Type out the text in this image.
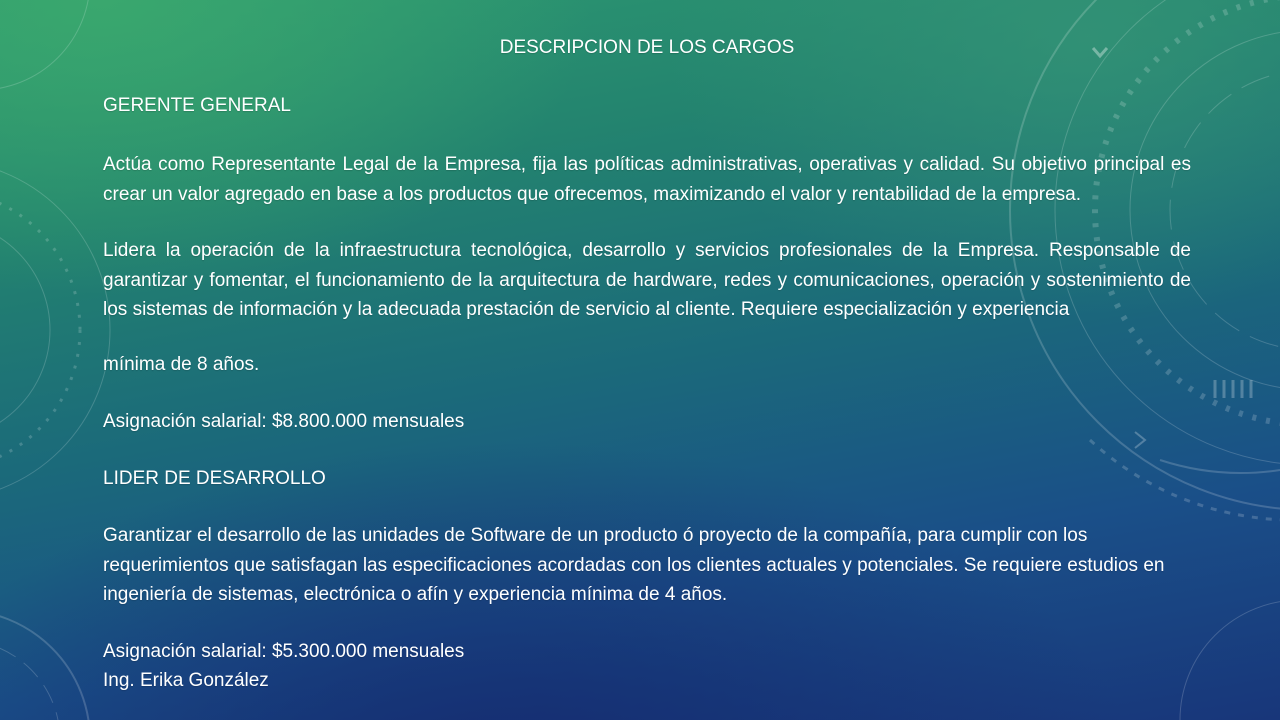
DESCRIPCION DE LOS CARGOS

GERENTE GENERAL

Actúa como Representante Legal de la Empresa, fija las políticas administrativas, operativas y calidad. Su objetivo principal es crear un valor agregado en base a los productos que ofrecemos, maximizando el valor y rentabilidad de la empresa.

Lidera la operación de la infraestructura tecnológica, desarrollo y servicios profesionales de la Empresa. Responsable de garantizar y fomentar, el funcionamiento de la arquitectura de hardware, redes y comunicaciones, operación y sostenimiento de los sistemas de información y la adecuada prestación de servicio al cliente. Requiere especialización y experiencia

mínima de 8 años.

Asignación salarial: $8.800.000 mensuales

LIDER DE DESARROLLO

Garantizar el desarrollo de las unidades de Software de un producto ó proyecto de la compañía, para cumplir con los requerimientos que satisfagan las especificaciones acordadas con los clientes actuales y potenciales. Se requiere estudios en ingeniería de sistemas, electrónica o afín y experiencia mínima de 4 años.

Asignación salarial: $5.300.000 mensuales

Ing. Erika González
